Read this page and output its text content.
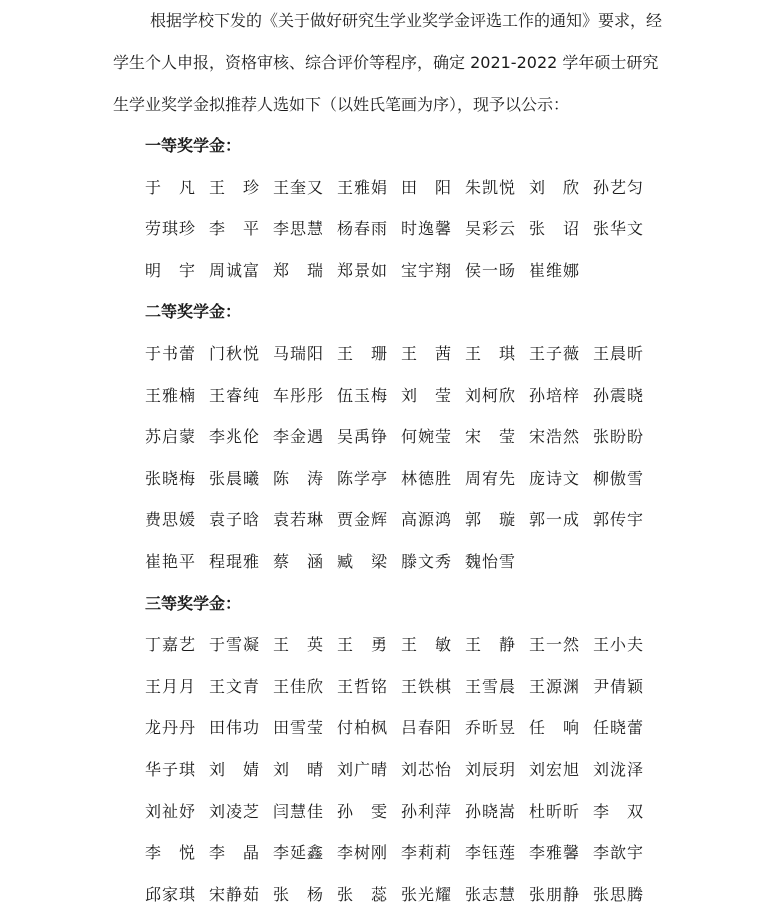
根据学校下发的《关于做好研究生学业奖学金评选工作的通知》要求，经
学生个人申报，资格审核、综合评价等程序，确定 2021-2022 学年硕士研究
生学业奖学金拟推荐人选如下（以姓氏笔画为序），现予以公示：
一等奖学金：
于　凡 王　珍 王奎又 王雅娟 田　阳 朱凯悦 刘　欣 孙艺匀
劳琪珍 李　平 李思慧 杨春雨 时逸馨 吴彩云 张　诏 张华文
明　宇 周诚富 郑　瑞 郑景如 宝宇翔 侯一旸 崔维娜
二等奖学金：
于书蕾 门秋悦 马瑞阳 王　珊 王　茜 王　琪 王子薇 王晨昕
王雅楠 王睿纯 车彤彤 伍玉梅 刘　莹 刘柯欣 孙培梓 孙震晓
苏启蒙 李兆伦 李金遇 吴禹铮 何婉莹 宋　莹 宋浩然 张盼盼
张晓梅 张晨曦 陈　涛 陈学亭 林德胜 周宥先 庞诗文 柳傲雪
费思媛 袁子晗 袁若琳 贾金辉 高源鸿 郭　璇 郭一成 郭传宇
崔艳平 程琨雅 蔡　涵 臧　梁 滕文秀 魏怡雪
三等奖学金：
丁嘉艺 于雪凝 王　英 王　勇 王　敏 王　静 王一然 王小夫
王月月 王文青 王佳欣 王哲铭 王铁棋 王雪晨 王源渊 尹倩颖
龙丹丹 田伟功 田雪莹 付柏枫 吕春阳 乔昕昱 任　响 任晓蕾
华子琪 刘　婧 刘　晴 刘广晴 刘芯怡 刘辰玥 刘宏旭 刘泷泽
刘祉妤 刘凌芝 闫慧佳 孙　雯 孙利萍 孙晓嵩 杜昕昕 李　双
李　悦 李　晶 李延鑫 李树刚 李莉莉 李钰莲 李雅馨 李歆宇
邱家琪 宋静茹 张　杨 张　蕊 张光耀 张志慧 张朋静 张思腾
